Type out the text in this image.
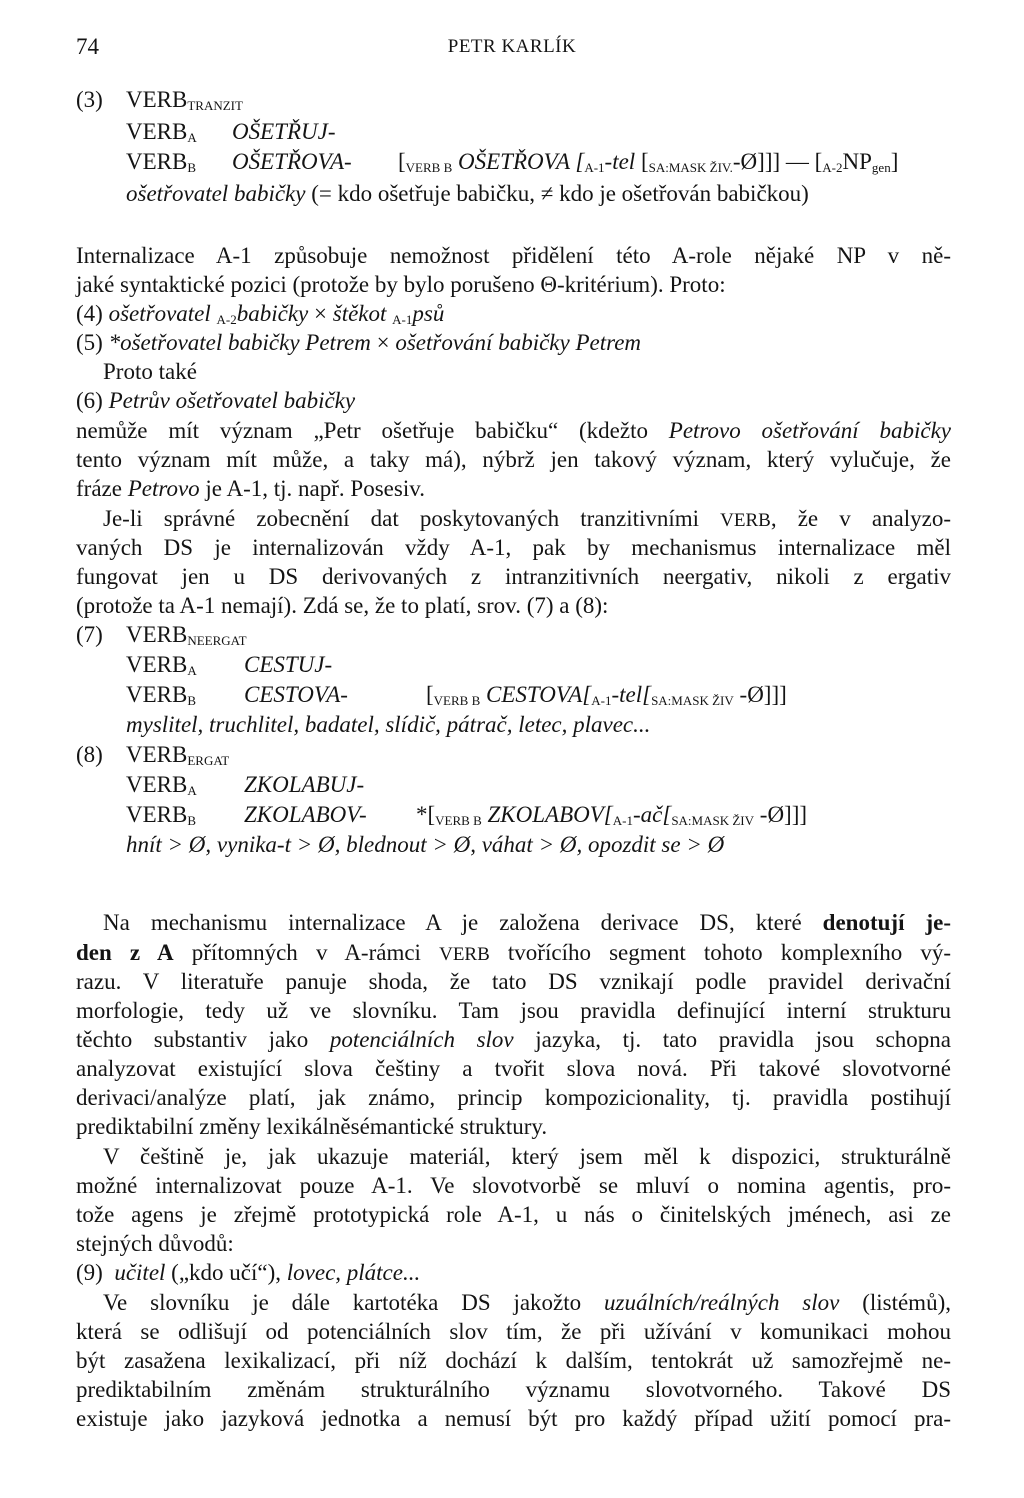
74	PETR KARLÍK
(3) $VERB_{TRANZIT}$
$VERB_A$ OŠETŘUJ-
$VERB_B$ OŠETŘOVA- [$_{VERB B}$ OŠETŘOVA [$_{A-1}$-tel $[_{SA:MASK ŽIV.}-Ø]$]] — $[_{A-2}NP_{gen}]$
ošetřovatel babičky (= kdo ošetřuje babičku, ≠ kdo je ošetřován babičkou)
Internalizace A-1 způsobuje nemožnost přidělení této A-role nějaké NP v ně-
jaké syntaktické pozici (protože by bylo porušeno Θ-kritérium). Proto:
(4) ošetřovatel $_{A-2}$babičky × štěkot $_{A-1}$psů
(5) *ošetřovatel babičky Petrem × ošetřování babičky Petrem
Proto také
(6) Petrův ošetřovatel babičky
nemůže mít význam „Petr ošetřuje babičku“ (kdežto Petrovo ošetřování babičky
tento význam mít může, a taky má), nýbrž jen takový význam, který vylučuje, že
fráze Petrovo je A-1, tj. např. Posesiv.
Je-li správné zobecnění dat poskytovaných tranzitivními VERB, že v analyzo-
vaných DS je internalizován vždy A-1, pak by mechanismus internalizace měl
fungovat jen u DS derivovaných z intranzitivních neergativ, nikoli z ergativ
(protože ta A-1 nemají). Zdá se, že to platí, srov. (7) a (8):
(7) $VERB_{NEERGAT}$
$VERB_A$ CESTUJ-
$VERB_B$ CESTOVA-	[$_{VERB B}$ $CESTOVA[_{A-1}-tel[_{SA:MASK ŽIV}$ -Ø]]]
myslitel, truchlitel, badatel, slídič, pátrač, letec, plavec...
(8) $VERB_{ERGAT}$
$VERB_A$ ZKOLABUJ-
$VERB_B$ ZKOLABOV- $*[_{VERB B}$ $ZKOLABOV[_{A-1}-ač[_{SA:MASK ŽIV}$ -Ø]]]
hnít > Ø, vynika-t > Ø, blednout > Ø, váhat > Ø, opozdit se > Ø
Na mechanismu internalizace A je založena derivace DS, které denotují je-
den z A přítomných v A-rámci VERB tvořícího segment tohoto komplexního vý-
razu. V literatuře panuje shoda, že tato DS vznikají podle pravidel derivační
morfologie, tedy už ve slovníku. Tam jsou pravidla definující interní strukturu
těchto substantiv jako potenciálních slov jazyka, tj. tato pravidla jsou schopna
analyzovat existující slova češtiny a tvořit slova nová. Při takové slovotvorné
derivaci/analýze platí, jak známo, princip kompozicionality, tj. pravidla postihují
prediktabilní změny lexikálněsémantické struktury.
V češtině je, jak ukazuje materiál, který jsem měl k dispozici, strukturálně
možné internalizovat pouze A-1. Ve slovotvorbě se mluví o nomina agentis, pro-
tože agens je zřejmě prototypická role A-1, u nás o činitelských jménech, asi ze
stejných důvodů:
(9) učitel („kdo učí“), lovec, plátce...
Ve slovníku je dále kartotéka DS jakožto uzuálních/reálných slov (listémů),
která se odlišují od potenciálních slov tím, že při užívání v komunikaci mohou
být zasažena lexikalizací, při níž dochází k dalším, tentokrát už samozřejmě ne-
prediktabilním změnám strukturálního významu slovotvorného. Takové DS
existuje jako jazyková jednotka a nemusí být pro každý případ užití pomocí pra-
